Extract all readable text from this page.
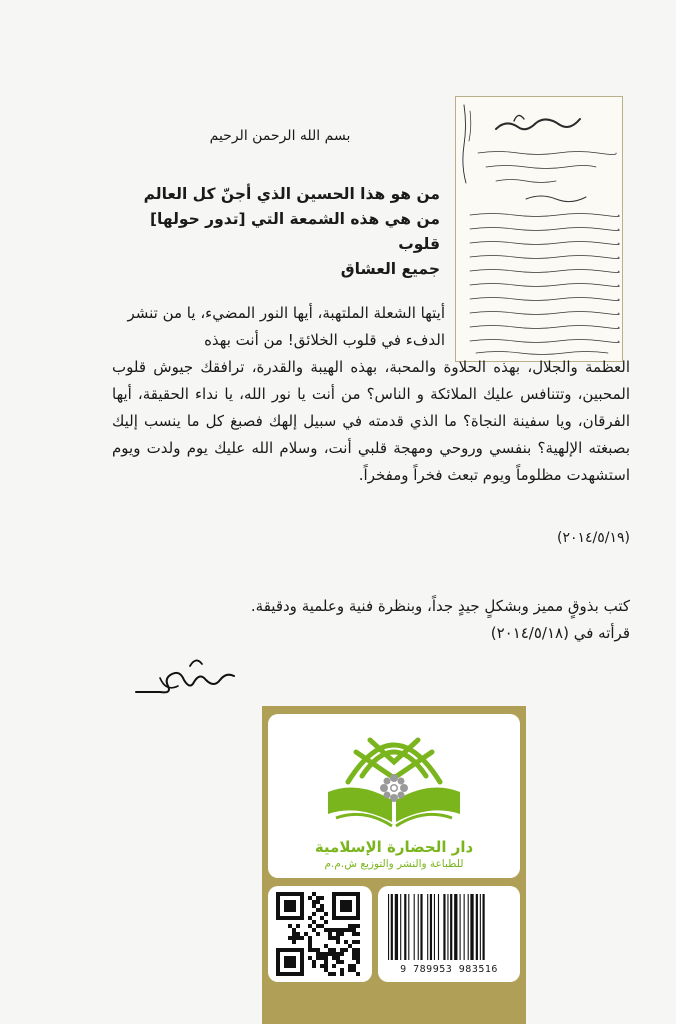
بسم الله الرحمن الرحيم
من هو هذا الحسين الذي أجنّ كل العالم
من هي هذه الشمعة التي [تدور حولها] قلوب
جميع العشاق
أيتها الشعلة الملتهبة، أيها النور المضيء، يا من تنشر الدفء في قلوب الخلائق! من أنت بهذه
العظمة والجلال، بهذه الحلاوة والمحبة، بهذه الهيبة والقدرة، ترافقك جيوش قلوب المحبين، وتتنافس عليك الملائكة و الناس؟ من أنت يا نور الله، يا نداء الحقيقة، أيها الفرقان، ويا سفينة النجاة؟ ما الذي قدمته في سبيل إلهك فصبغ كل ما ينسب إليك بصبغته الإلهية؟ بنفسي وروحي ومهجة قلبي أنت، وسلام الله عليك يوم ولدت ويوم استشهدت مظلوماً ويوم تبعث فخراً ومفخراً.
(٢٠١٤/٥/١٩)
كتب بذوقٍ مميز وبشكلٍ جيدٍ جداً، وبنظرة فنية وعلمية ودقيقة.
قرأته في (٢٠١٤/٥/١٨)
دار الحضارة الإسلامية
للطباعة والنشر والتوزيع ش.م.م
9 789953 983516
